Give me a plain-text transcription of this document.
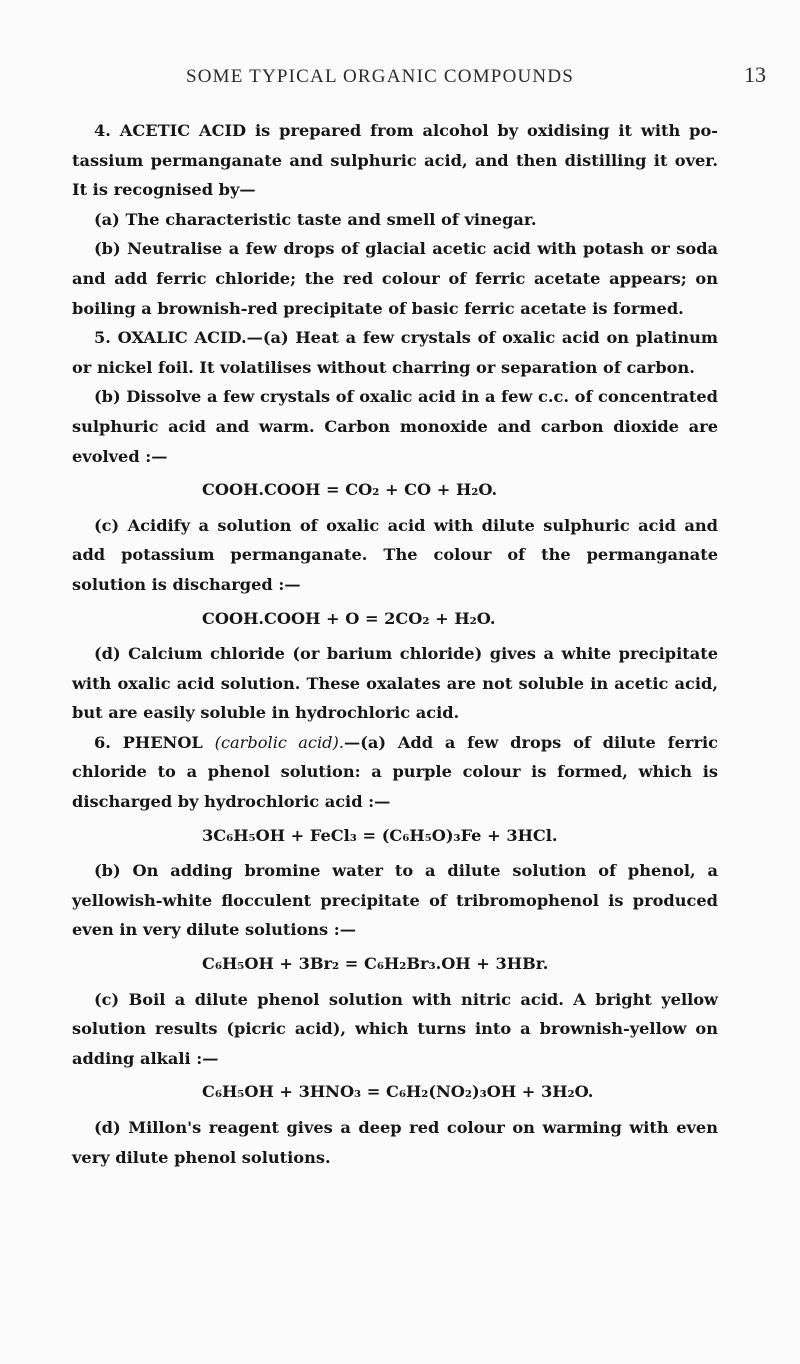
SOME TYPICAL ORGANIC COMPOUNDS	13

4. ACETIC ACID is prepared from alcohol by oxidising it with po-tassium permanganate and sulphuric acid, and then distilling it over. It is recognised by—

(a) The characteristic taste and smell of vinegar.

(b) Neutralise a few drops of glacial acetic acid with potash or soda and add ferric chloride; the red colour of ferric acetate appears; on boiling a brownish-red precipitate of basic ferric acetate is formed.

5. OXALIC ACID.—(a) Heat a few crystals of oxalic acid on platinum or nickel foil. It volatilises without charring or separation of carbon.

(b) Dissolve a few crystals of oxalic acid in a few c.c. of concentrated sulphuric acid and warm. Carbon monoxide and carbon dioxide are evolved :—

COOH.COOH = CO₂ + CO + H₂O.

(c) Acidify a solution of oxalic acid with dilute sulphuric acid and add potassium permanganate. The colour of the permanganate solution is discharged :—

COOH.COOH + O = 2CO₂ + H₂O.

(d) Calcium chloride (or barium chloride) gives a white precipitate with oxalic acid solution. These oxalates are not soluble in acetic acid, but are easily soluble in hydrochloric acid.

6. PHENOL (carbolic acid).—(a) Add a few drops of dilute ferric chloride to a phenol solution: a purple colour is formed, which is discharged by hydrochloric acid :—

3C₆H₅OH + FeCl₃ = (C₆H₅O)₃Fe + 3HCl.

(b) On adding bromine water to a dilute solution of phenol, a yellowish-white flocculent precipitate of tribromophenol is produced even in very dilute solutions :—

C₆H₅OH + 3Br₂ = C₆H₂Br₃.OH + 3HBr.

(c) Boil a dilute phenol solution with nitric acid. A bright yellow solution results (picric acid), which turns into a brownish-yellow on adding alkali :—

C₆H₅OH + 3HNO₃ = C₆H₂(NO₂)₃OH + 3H₂O.

(d) Millon's reagent gives a deep red colour on warming with even very dilute phenol solutions.
